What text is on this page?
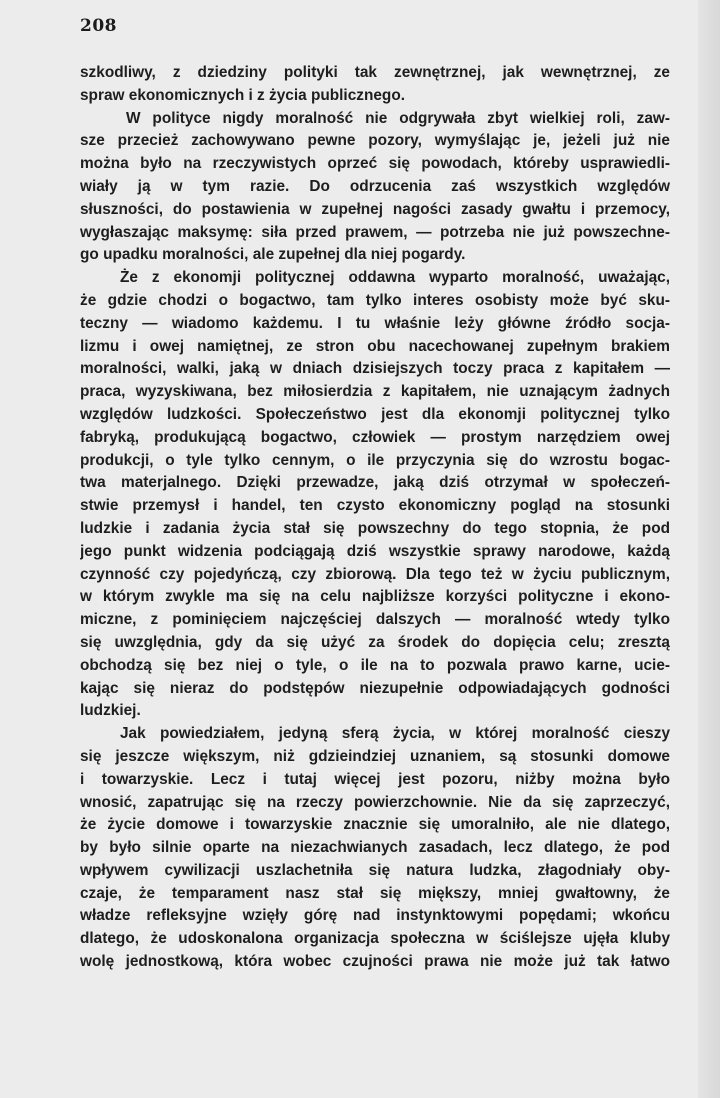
208
szkodliwy, z dziedziny polityki tak zewnętrznej, jak wewnętrznej, ze
spraw ekonomicznych i z życia publicznego.
W polityce nigdy moralność nie odgrywała zbyt wielkiej roli, zaw-
sze przecież zachowywano pewne pozory, wymyślając je, jeżeli już nie
można było na rzeczywistych oprzeć się powodach, któreby usprawiedli-
wiały ją w tym razie. Do odrzucenia zaś wszystkich względów
słuszności, do postawienia w zupełnej nagości zasady gwałtu i przemocy,
wygłaszając maksymę: siła przed prawem, — potrzeba nie już powszechne-
go upadku moralności, ale zupełnej dla niej pogardy.
Że z ekonomji politycznej oddawna wyparto moralność, uważając,
że gdzie chodzi o bogactwo, tam tylko interes osobisty może być sku-
teczny — wiadomo każdemu. I tu właśnie leży główne źródło socja-
lizmu i owej namiętnej, ze stron obu nacechowanej zupełnym brakiem
moralności, walki, jaką w dniach dzisiejszych toczy praca z kapitałem —
praca, wyzyskiwana, bez miłosierdzia z kapitałem, nie uznającym żadnych
względów ludzkości. Społeczeństwo jest dla ekonomji politycznej tylko
fabryką, produkującą bogactwo, człowiek — prostym narzędziem owej
produkcji, o tyle tylko cennym, o ile przyczynia się do wzrostu bogac-
twa materjalnego. Dzięki przewadze, jaką dziś otrzymał w społeczeń-
stwie przemysł i handel, ten czysto ekonomiczny pogląd na stosunki
ludzkie i zadania życia stał się powszechny do tego stopnia, że pod
jego punkt widzenia podciągają dziś wszystkie sprawy narodowe, każdą
czynność czy pojedyńczą, czy zbiorową. Dla tego też w życiu publicznym,
w którym zwykle ma się na celu najbliższe korzyści polityczne i ekono-
miczne, z pominięciem najczęściej dalszych — moralność wtedy tylko
się uwzględnia, gdy da się użyć za środek do dopięcia celu; zresztą
obchodzą się bez niej o tyle, o ile na to pozwala prawo karne, ucie-
kając się nieraz do podstępów niezupełnie odpowiadających godności
ludzkiej.
Jak powiedziałem, jedyną sferą życia, w której moralność cieszy
się jeszcze większym, niż gdzieindziej uznaniem, są stosunki domowe
i towarzyskie. Lecz i tutaj więcej jest pozoru, niżby można było
wnosić, zapatrując się na rzeczy powierzchownie. Nie da się zaprzeczyć,
że życie domowe i towarzyskie znacznie się umoralniło, ale nie dlatego,
by było silnie oparte na niezachwianych zasadach, lecz dlatego, że pod
wpływem cywilizacji uszlachetniła się natura ludzka, złagodniały oby-
czaje, że temparament nasz stał się miększy, mniej gwałtowny, że
władze refleksyjne wzięły górę nad instynktowymi popędami; wkońcu
dlatego, że udoskonalona organizacja społeczna w ściślejsze ujęła kluby
wolę jednostkową, która wobec czujności prawa nie może już tak łatwo
